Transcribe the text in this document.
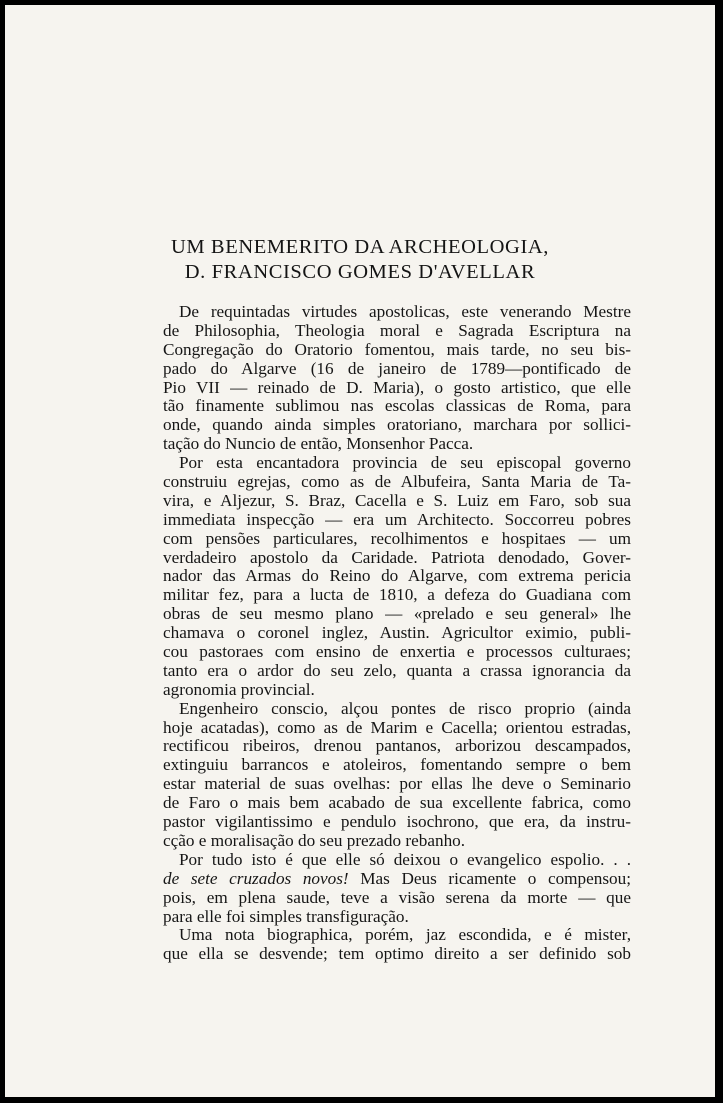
UM BENEMERITO DA ARCHEOLOGIA,
D. FRANCISCO GOMES D'AVELLAR
De requintadas virtudes apostolicas, este venerando Mestre
de Philosophia, Theologia moral e Sagrada Escriptura na
Congregação do Oratorio fomentou, mais tarde, no seu bis-
pado do Algarve (16 de janeiro de 1789—pontificado de
Pio VII — reinado de D. Maria), o gosto artistico, que elle
tão finamente sublimou nas escolas classicas de Roma, para
onde, quando ainda simples oratoriano, marchara por sollici-
tação do Nuncio de então, Monsenhor Pacca.
Por esta encantadora provincia de seu episcopal governo
construiu egrejas, como as de Albufeira, Santa Maria de Ta-
vira, e Aljezur, S. Braz, Cacella e S. Luiz em Faro, sob sua
immediata inspecção — era um Architecto. Soccorreu pobres
com pensões particulares, recolhimentos e hospitaes — um
verdadeiro apostolo da Caridade. Patriota denodado, Gover-
nador das Armas do Reino do Algarve, com extrema pericia
militar fez, para a lucta de 1810, a defeza do Guadiana com
obras de seu mesmo plano — «prelado e seu general» lhe
chamava o coronel inglez, Austin. Agricultor eximio, publi-
cou pastoraes com ensino de enxertia e processos culturaes;
tanto era o ardor do seu zelo, quanta a crassa ignorancia da
agronomia provincial.
Engenheiro conscio, alçou pontes de risco proprio (ainda
hoje acatadas), como as de Marim e Cacella; orientou estradas,
rectificou ribeiros, drenou pantanos, arborizou descampados,
extinguiu barrancos e atoleiros, fomentando sempre o bem
estar material de suas ovelhas: por ellas lhe deve o Seminario
de Faro o mais bem acabado de sua excellente fabrica, como
pastor vigilantissimo e pendulo isochrono, que era, da instru-
cção e moralisação do seu prezado rebanho.
Por tudo isto é que elle só deixou o evangelico espolio. . .
de sete cruzados novos! Mas Deus ricamente o compensou;
pois, em plena saude, teve a visão serena da morte — que
para elle foi simples transfiguração.
Uma nota biographica, porém, jaz escondida, e é mister,
que ella se desvende; tem optimo direito a ser definido sob
